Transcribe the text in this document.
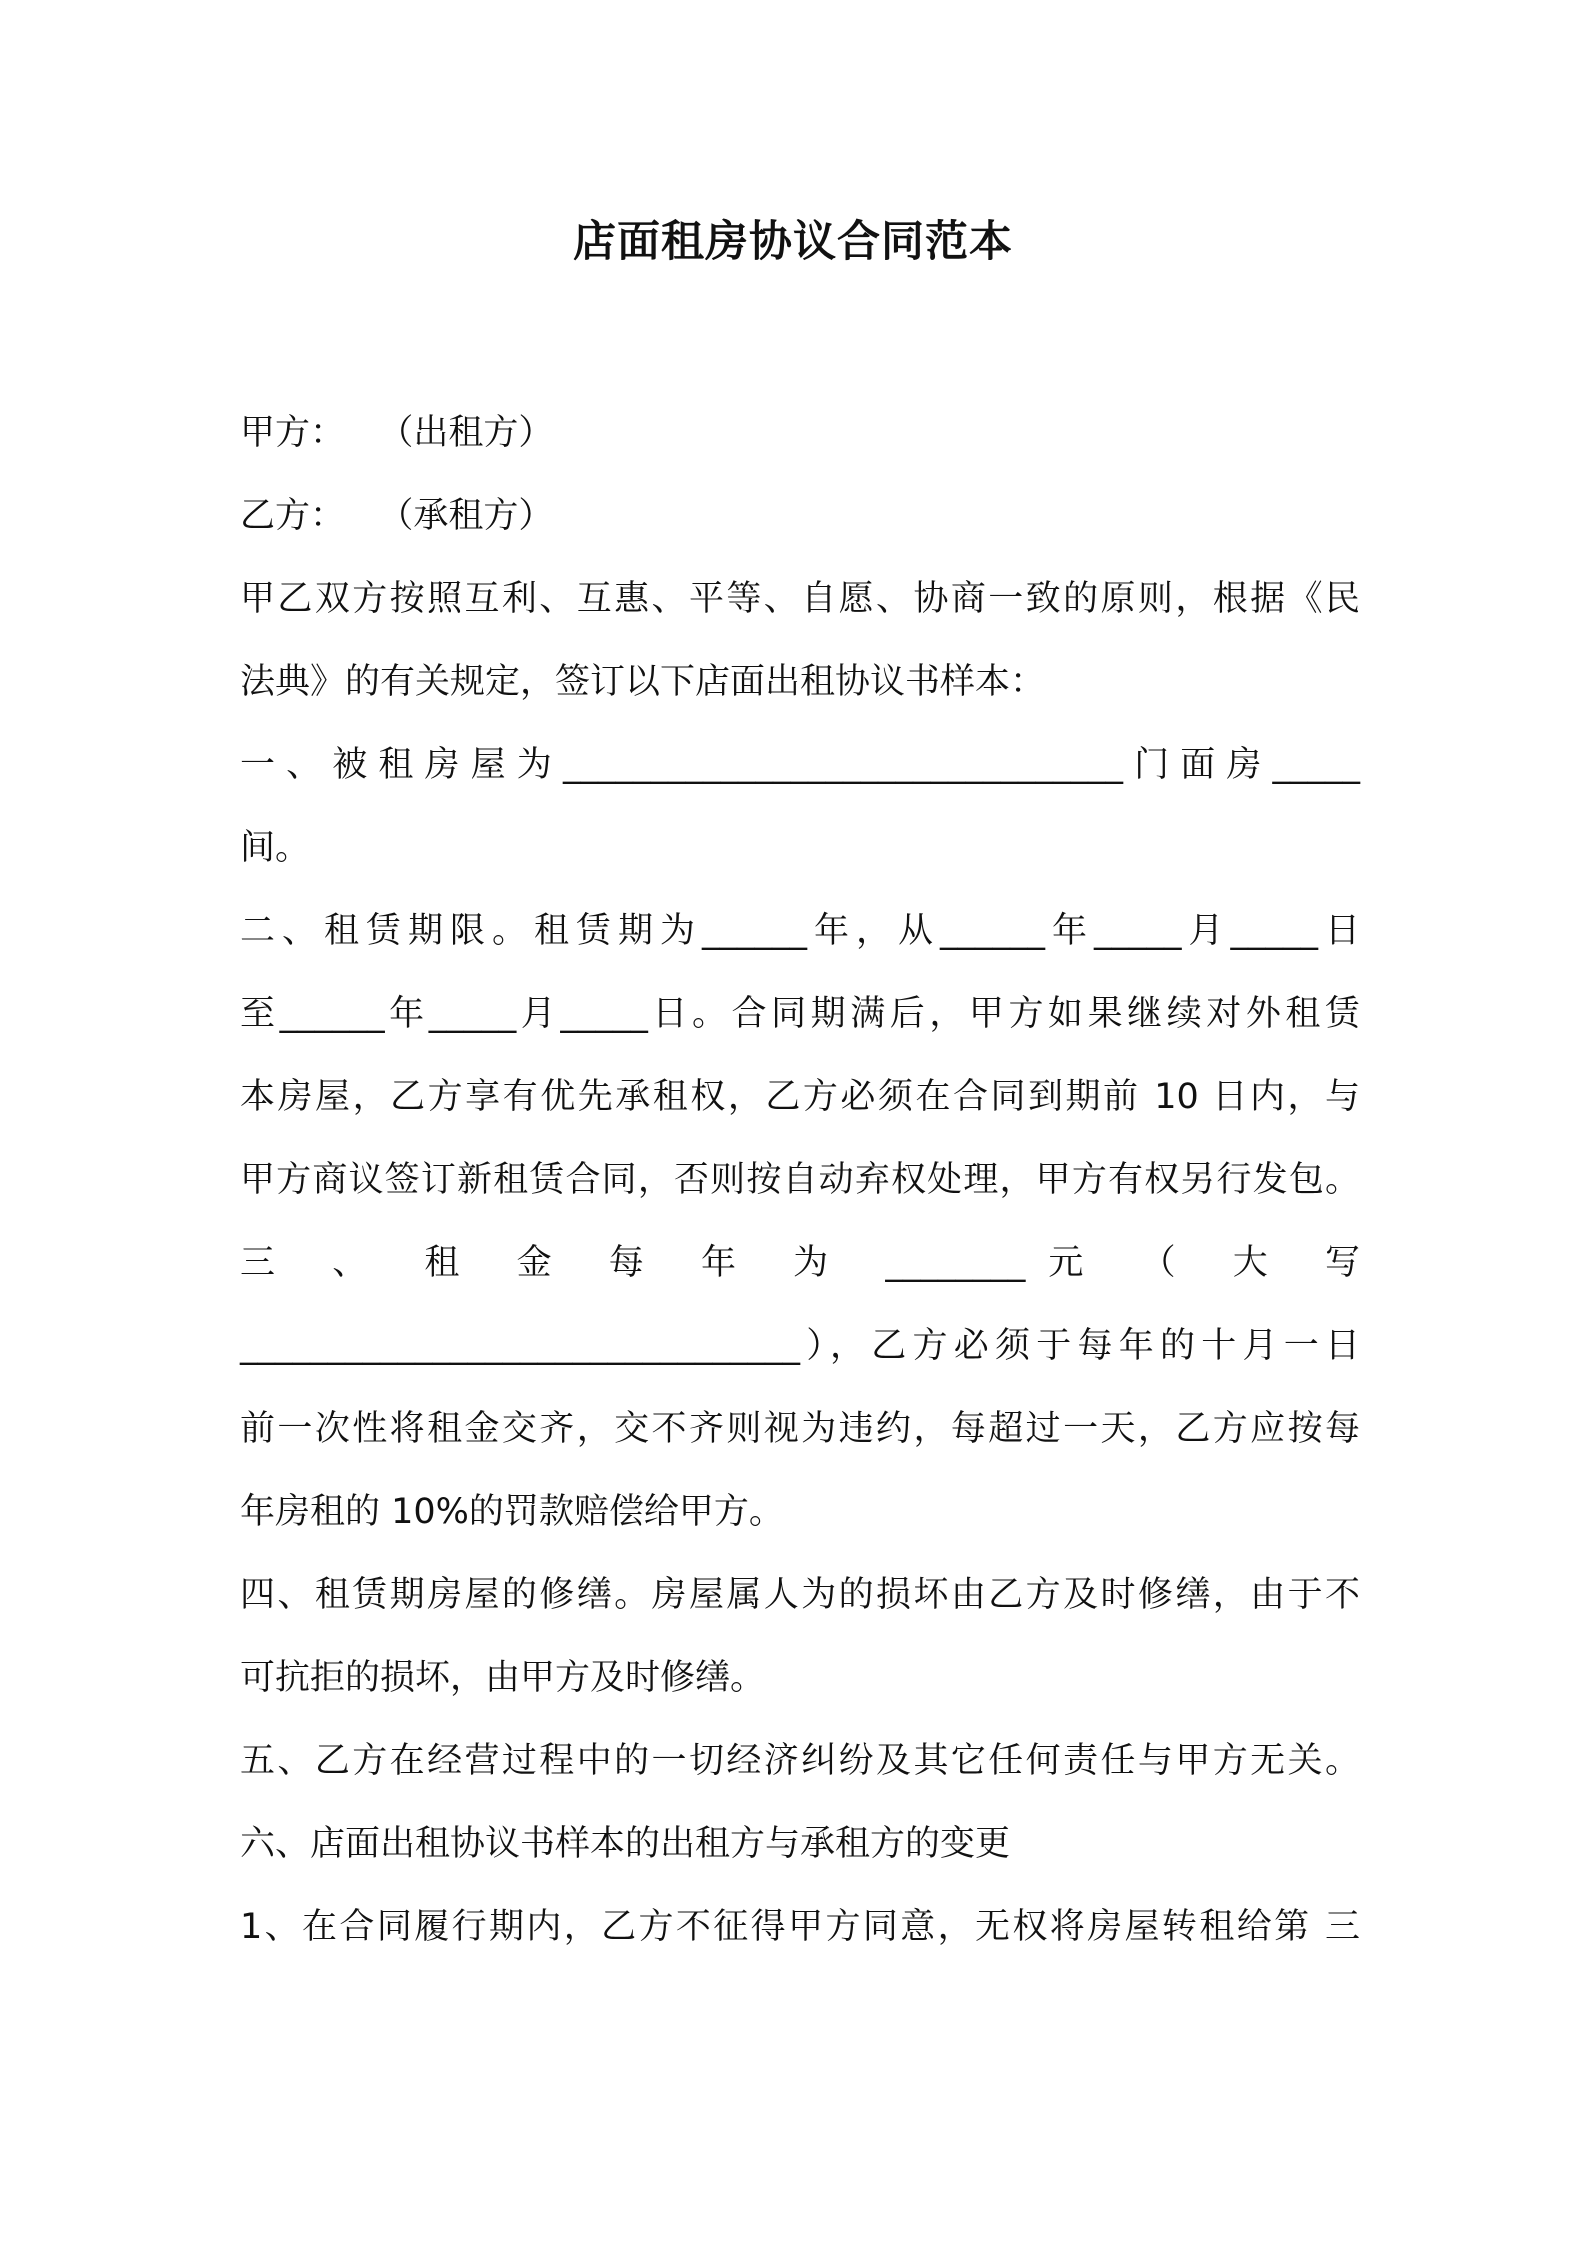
店面租房协议合同范本

甲方：   （出租方）

乙方：   （承租方）

甲乙双方按照互利、互惠、平等、自愿、协商一致的原则，根据《民

法典》的有关规定，签订以下店面出租协议书样本：

一、被租房屋为________________________________门面房_____

间。

二、租赁期限。租赁期为______年，从______年_____月_____日

至______年_____月_____日。合同期满后，甲方如果继续对外租赁

本房屋，乙方享有优先承租权，乙方必须在合同到期前 10 日内，与

甲方商议签订新租赁合同，否则按自动弃权处理，甲方有权另行发包。

三 、 租 金 每 年 为 ________元 （ 大 写

________________________________），乙方必须于每年的十月一日

前一次性将租金交齐，交不齐则视为违约，每超过一天，乙方应按每

年房租的 10%的罚款赔偿给甲方。

四、租赁期房屋的修缮。房屋属人为的损坏由乙方及时修缮，由于不

可抗拒的损坏，由甲方及时修缮。

五、乙方在经营过程中的一切经济纠纷及其它任何责任与甲方无关。

六、店面出租协议书样本的出租方与承租方的变更

1、在合同履行期内，乙方不征得甲方同意，无权将房屋转租给第 三
